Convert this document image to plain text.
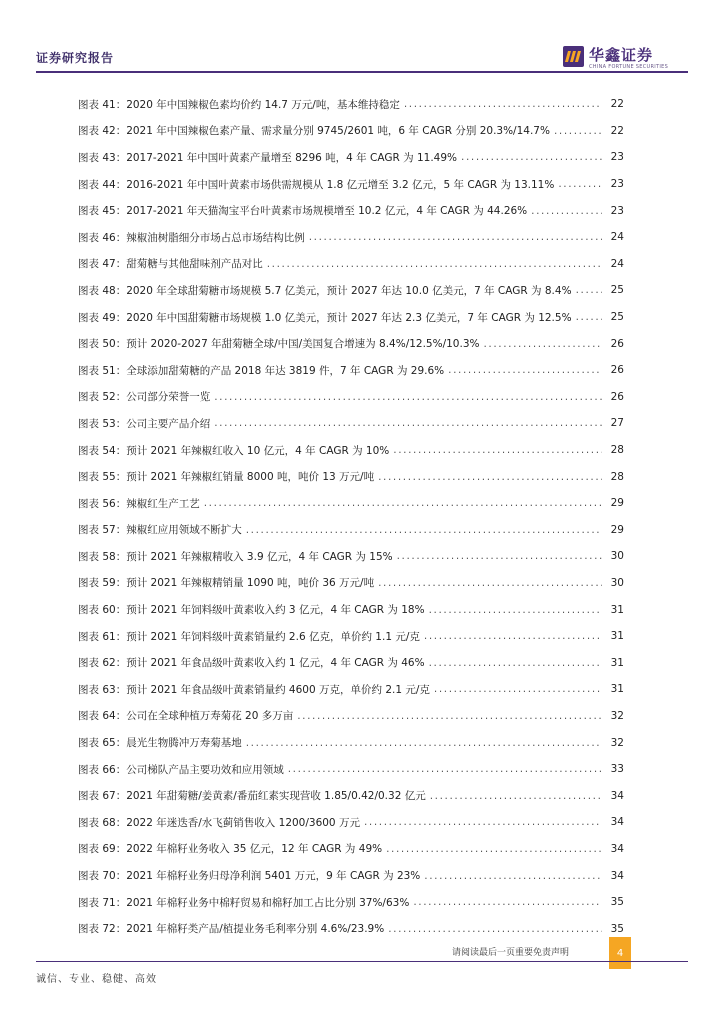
证券研究报告	华鑫证券
CHINA FORTUNE SECURITIES
图表 41：2020 年中国辣椒色素均价约 14.7 万元/吨，基本维持稳定 .....	22
图表 42：2021 年中国辣椒色素产量、需求量分别 9745/2601 吨，6 年 CAGR 分别 20.3%/14.7% .....	22
图表 43：2017-2021 年中国叶黄素产量增至 8296 吨，4 年 CAGR 为 11.49% .....	23
图表 44：2016-2021 年中国叶黄素市场供需规模从 1.8 亿元增至 3.2 亿元，5 年 CAGR 为 13.11% .....	23
图表 45：2017-2021 年天猫淘宝平台叶黄素市场规模增至 10.2 亿元，4 年 CAGR 为 44.26% .....	23
图表 46：辣椒油树脂细分市场占总市场结构比例 .....	24
图表 47：甜菊糖与其他甜味剂产品对比 .....	24
图表 48：2020 年全球甜菊糖市场规模 5.7 亿美元，预计 2027 年达 10.0 亿美元，7 年 CAGR 为 8.4% .....	25
图表 49：2020 年中国甜菊糖市场规模 1.0 亿美元，预计 2027 年达 2.3 亿美元，7 年 CAGR 为 12.5% .....	25
图表 50：预计 2020-2027 年甜菊糖全球/中国/美国复合增速为 8.4%/12.5%/10.3% .....	26
图表 51：全球添加甜菊糖的产品 2018 年达 3819 件，7 年 CAGR 为 29.6% .....	26
图表 52：公司部分荣誉一览 .....	26
图表 53：公司主要产品介绍 .....	27
图表 54：预计 2021 年辣椒红收入 10 亿元，4 年 CAGR 为 10% .....	28
图表 55：预计 2021 年辣椒红销量 8000 吨，吨价 13 万元/吨 .....	28
图表 56：辣椒红生产工艺 .....	29
图表 57：辣椒红应用领域不断扩大 .....	29
图表 58：预计 2021 年辣椒精收入 3.9 亿元，4 年 CAGR 为 15% .....	30
图表 59：预计 2021 年辣椒精销量 1090 吨，吨价 36 万元/吨 .....	30
图表 60：预计 2021 年饲料级叶黄素收入约 3 亿元，4 年 CAGR 为 18% .....	31
图表 61：预计 2021 年饲料级叶黄素销量约 2.6 亿克，单价约 1.1 元/克 .....	31
图表 62：预计 2021 年食品级叶黄素收入约 1 亿元，4 年 CAGR 为 46% .....	31
图表 63：预计 2021 年食品级叶黄素销量约 4600 万克，单价约 2.1 元/克 .....	31
图表 64：公司在全球种植万寿菊花 20 多万亩 .....	32
图表 65：晨光生物腾冲万寿菊基地 .....	32
图表 66：公司梯队产品主要功效和应用领域 .....	33
图表 67：2021 年甜菊糖/姜黄素/番茄红素实现营收 1.85/0.42/0.32 亿元 .....	34
图表 68：2022 年迷迭香/水飞蓟销售收入 1200/3600 万元 .....	34
图表 69：2022 年棉籽业务收入 35 亿元，12 年 CAGR 为 49% .....	34
图表 70：2021 年棉籽业务归母净利润 5401 万元，9 年 CAGR 为 23% .....	34
图表 71：2021 年棉籽业务中棉籽贸易和棉籽加工占比分别 37%/63% .....	35
图表 72：2021 年棉籽类产品/植提业务毛利率分别 4.6%/23.9% .....	35
请阅读最后一页重要免责声明	4
诚信、专业、稳健、高效
